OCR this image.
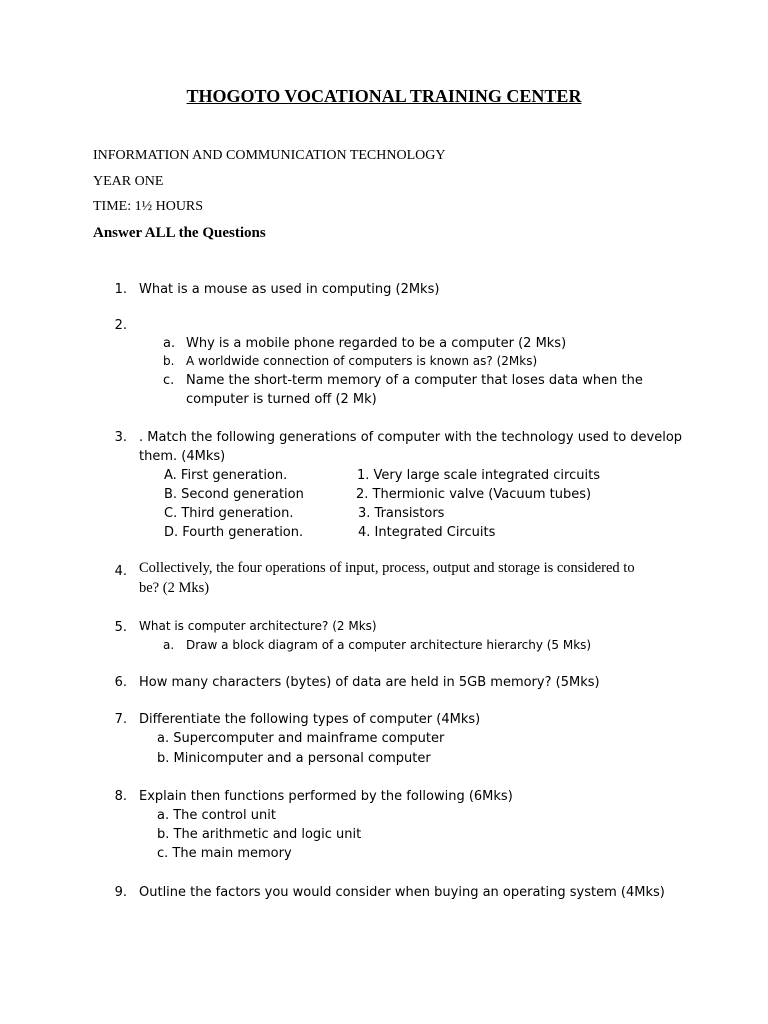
THOGOTO VOCATIONAL TRAINING CENTER
INFORMATION AND COMMUNICATION TECHNOLOGY
YEAR ONE
TIME: 1½ HOURS
Answer ALL the Questions
1. What is a mouse as used in computing (2Mks)
2.
a. Why is a mobile phone regarded to be a computer (2 Mks)
b. A worldwide connection of computers is known as? (2Mks)
c. Name the short-term memory of a computer that loses data when the
computer is turned off (2 Mk)
3. . Match the following generations of computer with the technology used to develop
them. (4Mks)
A. First generation.
B. Second generation
C. Third generation.
D. Fourth generation.
1. Very large scale integrated circuits
2. Thermionic valve (Vacuum tubes)
3. Transistors
4. Integrated Circuits
4. Collectively, the four operations of input, process, output and storage is considered to
be? (2 Mks)
5. What is computer architecture? (2 Mks)
a. Draw a block diagram of a computer architecture hierarchy (5 Mks)
6. How many characters (bytes) of data are held in 5GB memory? (5Mks)
7. Differentiate the following types of computer (4Mks)
a. Supercomputer and mainframe computer
b. Minicomputer and a personal computer
8. Explain then functions performed by the following (6Mks)
a. The control unit
b. The arithmetic and logic unit
c. The main memory
9. Outline the factors you would consider when buying an operating system (4Mks)
